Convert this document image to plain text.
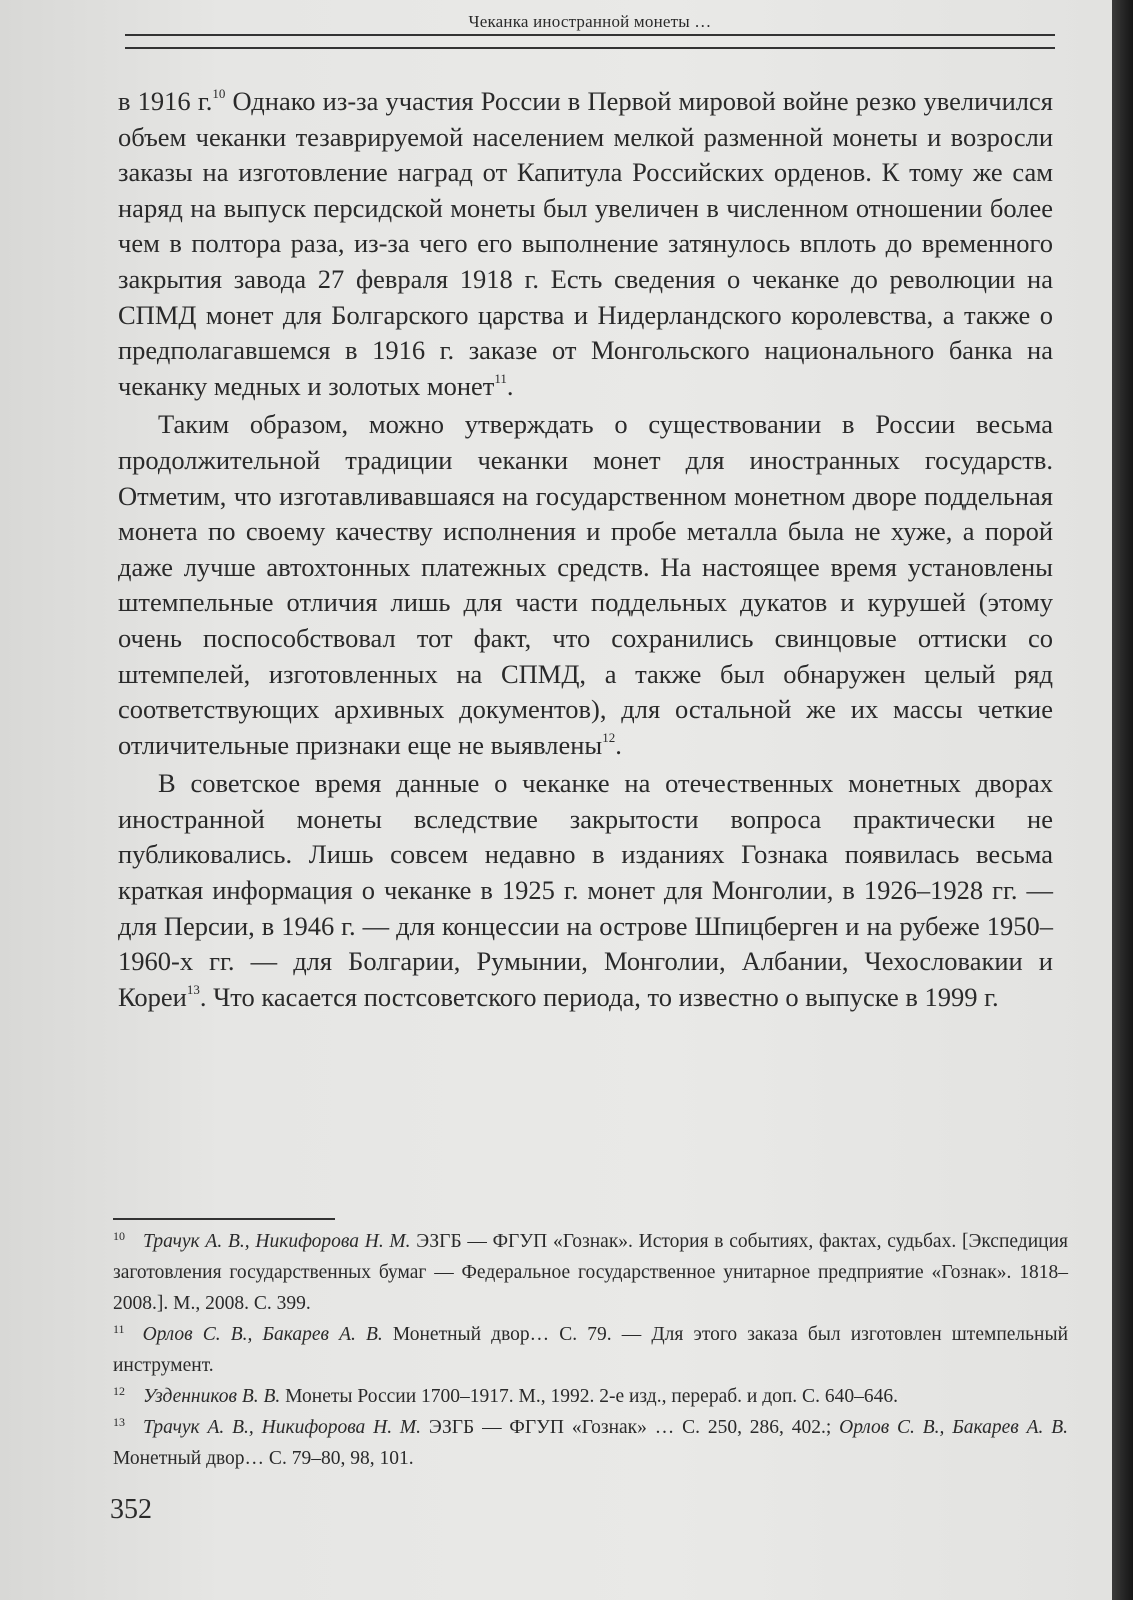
Чеканка иностранной монеты …

в 1916 г.$^{10}$ Однако из-за участия России в Первой мировой войне резко увеличился объем чеканки тезаврируемой населением мелкой разменной монеты и возросли заказы на изготовление наград от Капитула Российских орденов. К тому же сам наряд на выпуск персидской монеты был увеличен в численном отношении более чем в полтора раза, из-за чего его выполнение затянулось вплоть до временного закрытия завода 27 февраля 1918 г. Есть сведения о чеканке до революции на СПМД монет для Болгарского царства и Нидерландского королевства, а также о предполагавшемся в 1916 г. заказе от Монгольского национального банка на чеканку медных и золотых монет$^{11}$.

Таким образом, можно утверждать о существовании в России весьма продолжительной традиции чеканки монет для иностранных государств. Отметим, что изготавливавшаяся на государственном монетном дворе поддельная монета по своему качеству исполнения и пробе металла была не хуже, а порой даже лучше автохтонных платежных средств. На настоящее время установлены штемпельные отличия лишь для части поддельных дукатов и курушей (этому очень поспособствовал тот факт, что сохранились свинцовые оттиски со штемпелей, изготовленных на СПМД, а также был обнаружен целый ряд соответствующих архивных документов), для остальной же их массы четкие отличительные признаки еще не выявлены$^{12}$.

В советское время данные о чеканке на отечественных монетных дворах иностранной монеты вследствие закрытости вопроса практически не публиковались. Лишь совсем недавно в изданиях Гознака появилась весьма краткая информация о чеканке в 1925 г. монет для Монголии, в 1926–1928 гг. — для Персии, в 1946 г. — для концессии на острове Шпицберген и на рубеже 1950–1960-х гг. — для Болгарии, Румынии, Монголии, Албании, Чехословакии и Кореи$^{13}$. Что касается постсоветского периода, то известно о выпуске в 1999 г.

$^{10}$ Трачук А. В., Никифорова Н. М. ЭЗГБ — ФГУП «Гознак». История в событиях, фактах, судьбах. [Экспедиция заготовления государственных бумаг — Федеральное государственное унитарное предприятие «Гознак». 1818–2008.]. М., 2008. С. 399.

$^{11}$ Орлов С. В., Бакарев А. В. Монетный двор… С. 79. — Для этого заказа был изготовлен штемпельный инструмент.

$^{12}$ Узденников В. В. Монеты России 1700–1917. М., 1992. 2-е изд., перераб. и доп. С. 640–646.

$^{13}$ Трачук А. В., Никифорова Н. М. ЭЗГБ — ФГУП «Гознак» … С. 250, 286, 402.; Орлов С. В., Бакарев А. В. Монетный двор… С. 79–80, 98, 101.

352
